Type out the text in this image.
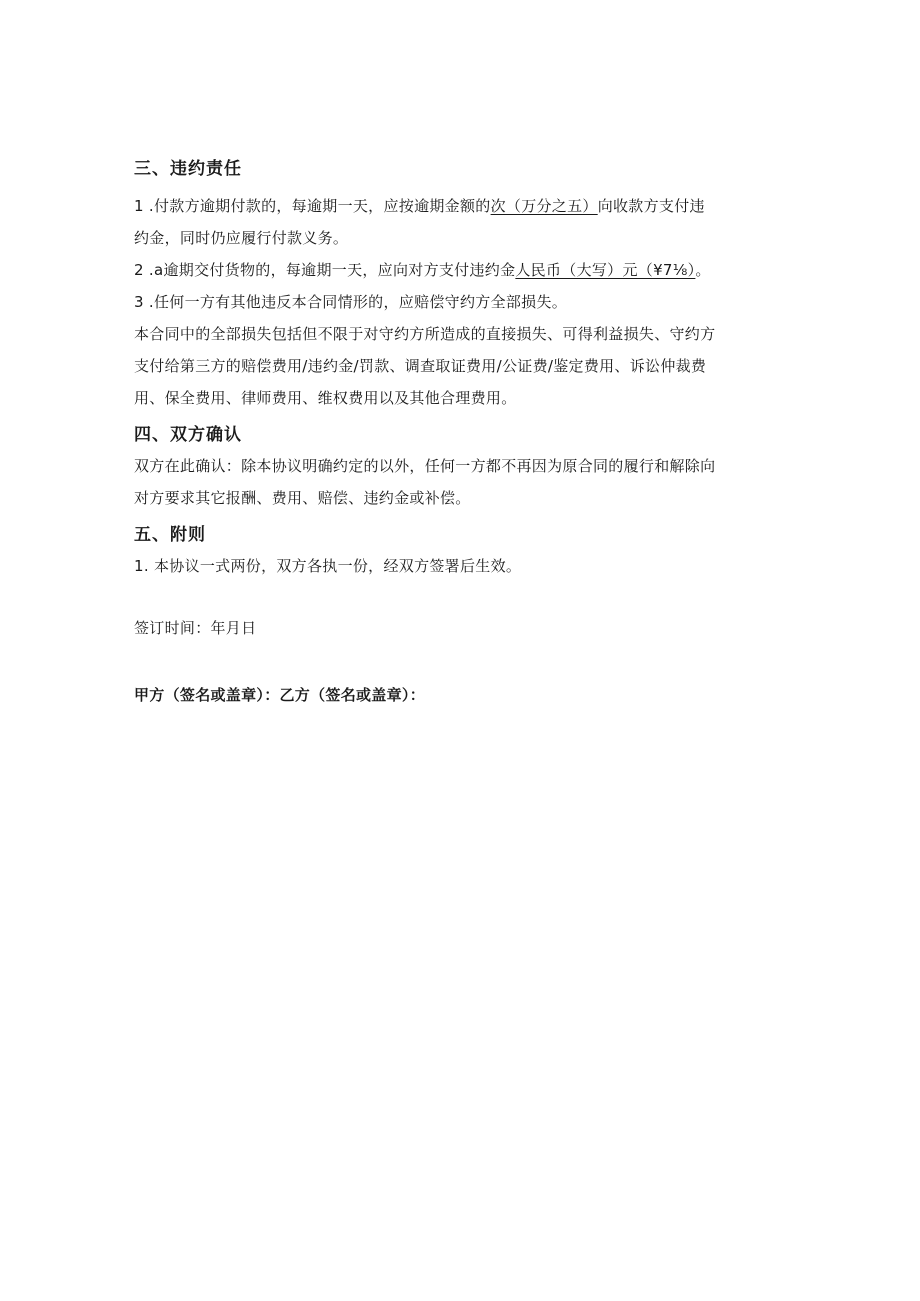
三、违约责任

1 .付款方逾期付款的，每逾期一天，应按逾期金额的次（万分之五）向收款方支付违

约金，同时仍应履行付款义务。

2 .a逾期交付货物的，每逾期一天，应向对方支付违约金人民币（大写）元（¥7⅛）。

3 .任何一方有其他违反本合同情形的，应赔偿守约方全部损失。

本合同中的全部损失包括但不限于对守约方所造成的直接损失、可得利益损失、守约方

支付给第三方的赔偿费用/违约金/罚款、调查取证费用/公证费/鉴定费用、诉讼仲裁费

用、保全费用、律师费用、维权费用以及其他合理费用。

四、双方确认

双方在此确认：除本协议明确约定的以外，任何一方都不再因为原合同的履行和解除向

对方要求其它报酬、费用、赔偿、违约金或补偿。

五、附则

1. 本协议一式两份，双方各执一份，经双方签署后生效。

签订时间：年月日

甲方（签名或盖章）：乙方（签名或盖章）：
